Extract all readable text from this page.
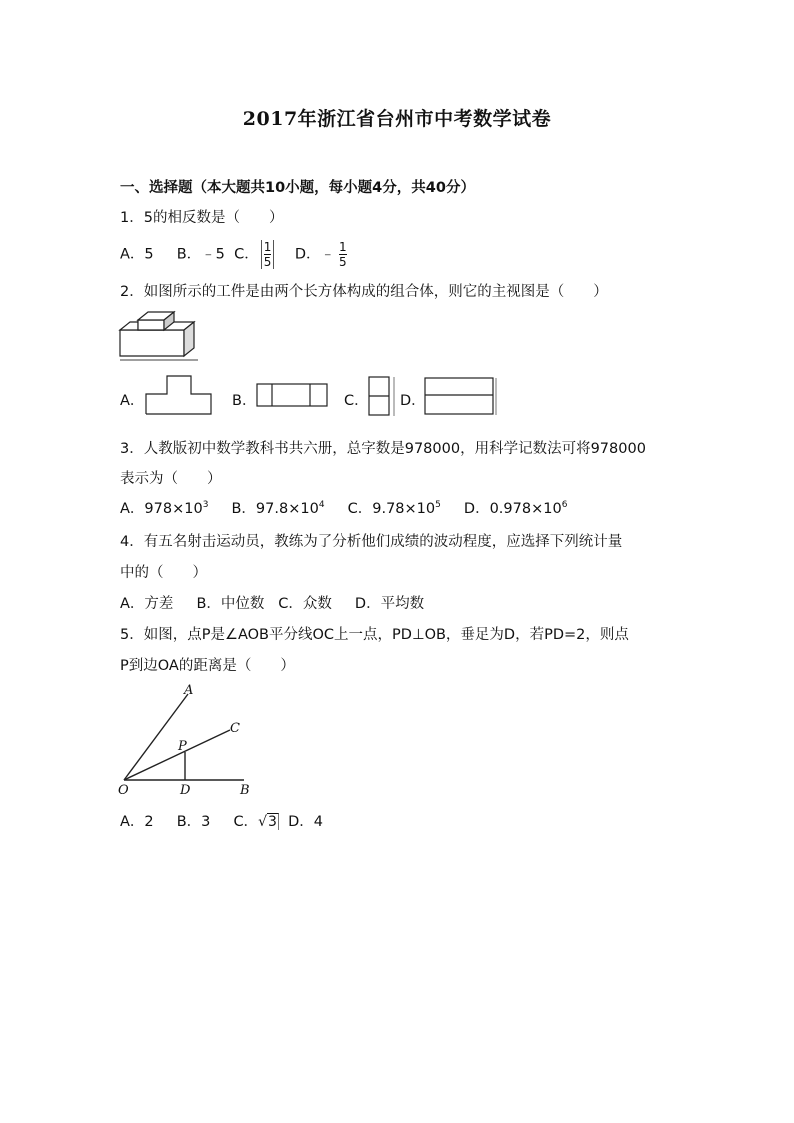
2017年浙江省台州市中考数学试卷
一、选择题（本大题共10小题，每小题4分，共40分）
1．5的相反数是（　　）
A．5 B．﹣5 C． $\frac{1}{5}$ D．﹣ $\frac{1}{5}$
2．如图所示的工件是由两个长方体构成的组合体，则它的主视图是（　　）
A．	B．	C． D．
3．人教版初中数学教科书共六册，总字数是978000，用科学记数法可将978000
表示为（　　）
A．$978\times 10^3$ B．$97.8\times 10^4$ C．$9.78\times 10^5$ D．$0.978\times 10^6$
4．有五名射击运动员，教练为了分析他们成绩的波动程度，应选择下列统计量
中的（　　）
A．方差 B．中位数 C．众数 D．平均数
5．如图，点P是∠AOB平分线OC上一点，PD⊥OB，垂足为D，若PD=2，则点
P到边OA的距离是（　　）
A
C
P
O	D	B
A．2 B．3 C．√3 D．4
